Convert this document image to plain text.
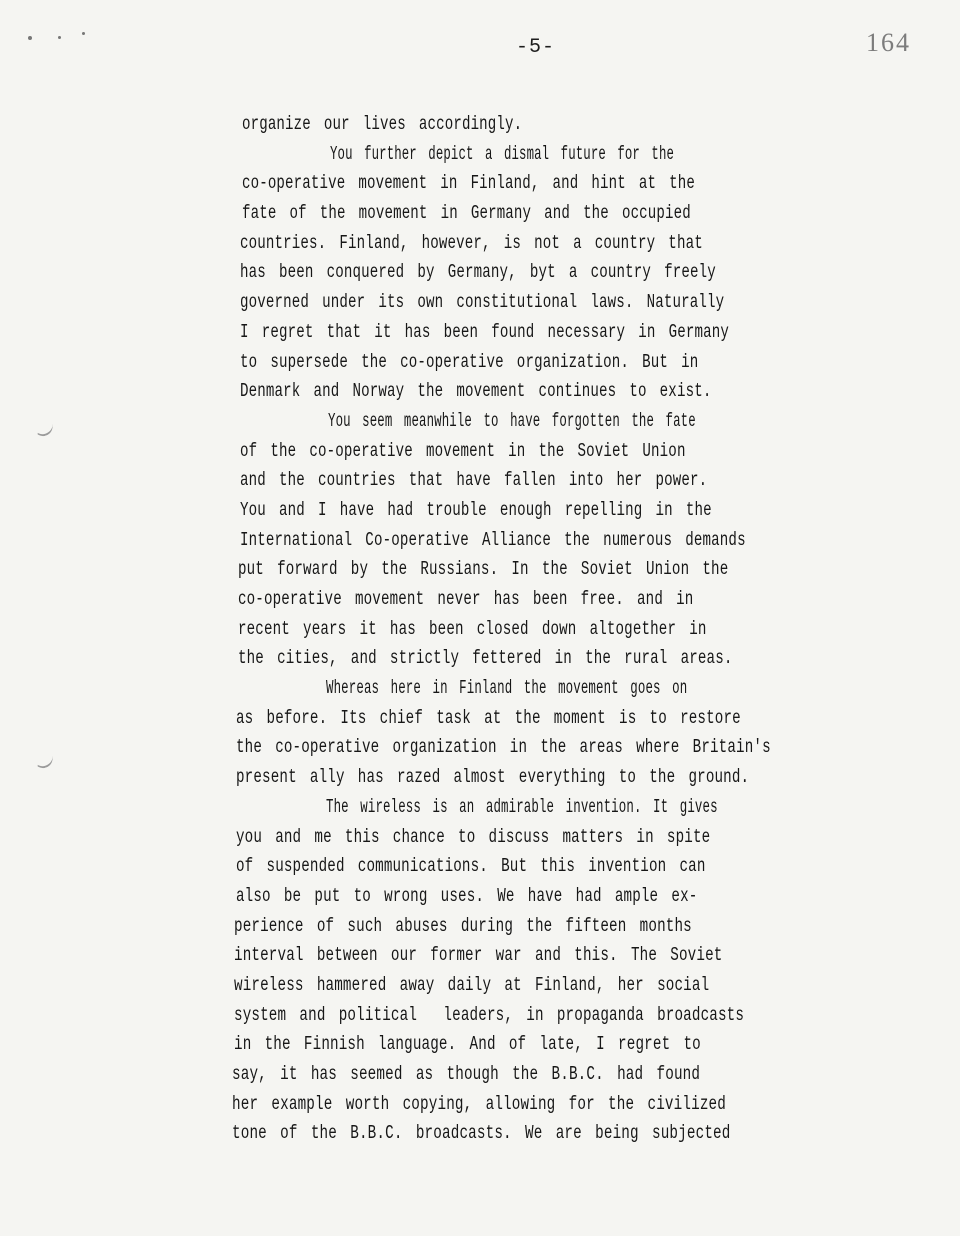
-5-	164
organize our lives accordingly.
You further depict a dismal future for the
co-operative movement in Finland, and hint at the
fate of the movement in Germany and the occupied
countries. Finland, however, is not a country that
has been conquered by Germany, byt a country freely
governed under its own constitutional laws. Naturally
I regret that it has been found necessary in Germany
to supersede the co-operative organization. But in
Denmark and Norway the movement continues to exist.
You seem meanwhile to have forgotten the fate
of the co-operative movement in the Soviet Union
and the countries that have fallen into her power.
You and I have had trouble enough repelling in the
International Co-operative Alliance the numerous demands
put forward by the Russians. In the Soviet Union the
co-operative movement never has been free. and in
recent years it has been closed down altogether in
the cities, and strictly fettered in the rural areas.
Whereas here in Finland the movement goes on
as before. Its chief task at the moment is to restore
the co-operative organization in the areas where Britain's
present ally has razed almost everything to the ground.
The wireless is an admirable invention. It gives
you and me this chance to discuss matters in spite
of suspended communications. But this invention can
also be put to wrong uses. We have had ample ex-
perience of such abuses during the fifteen months
interval between our former war and this. The Soviet
wireless hammered away daily at Finland, her social
system and political  leaders, in propaganda broadcasts
in the Finnish language. And of late, I regret to
say, it has seemed as though the B.B.C. had found
her example worth copying, allowing for the civilized
tone of the B.B.C. broadcasts. We are being subjected
